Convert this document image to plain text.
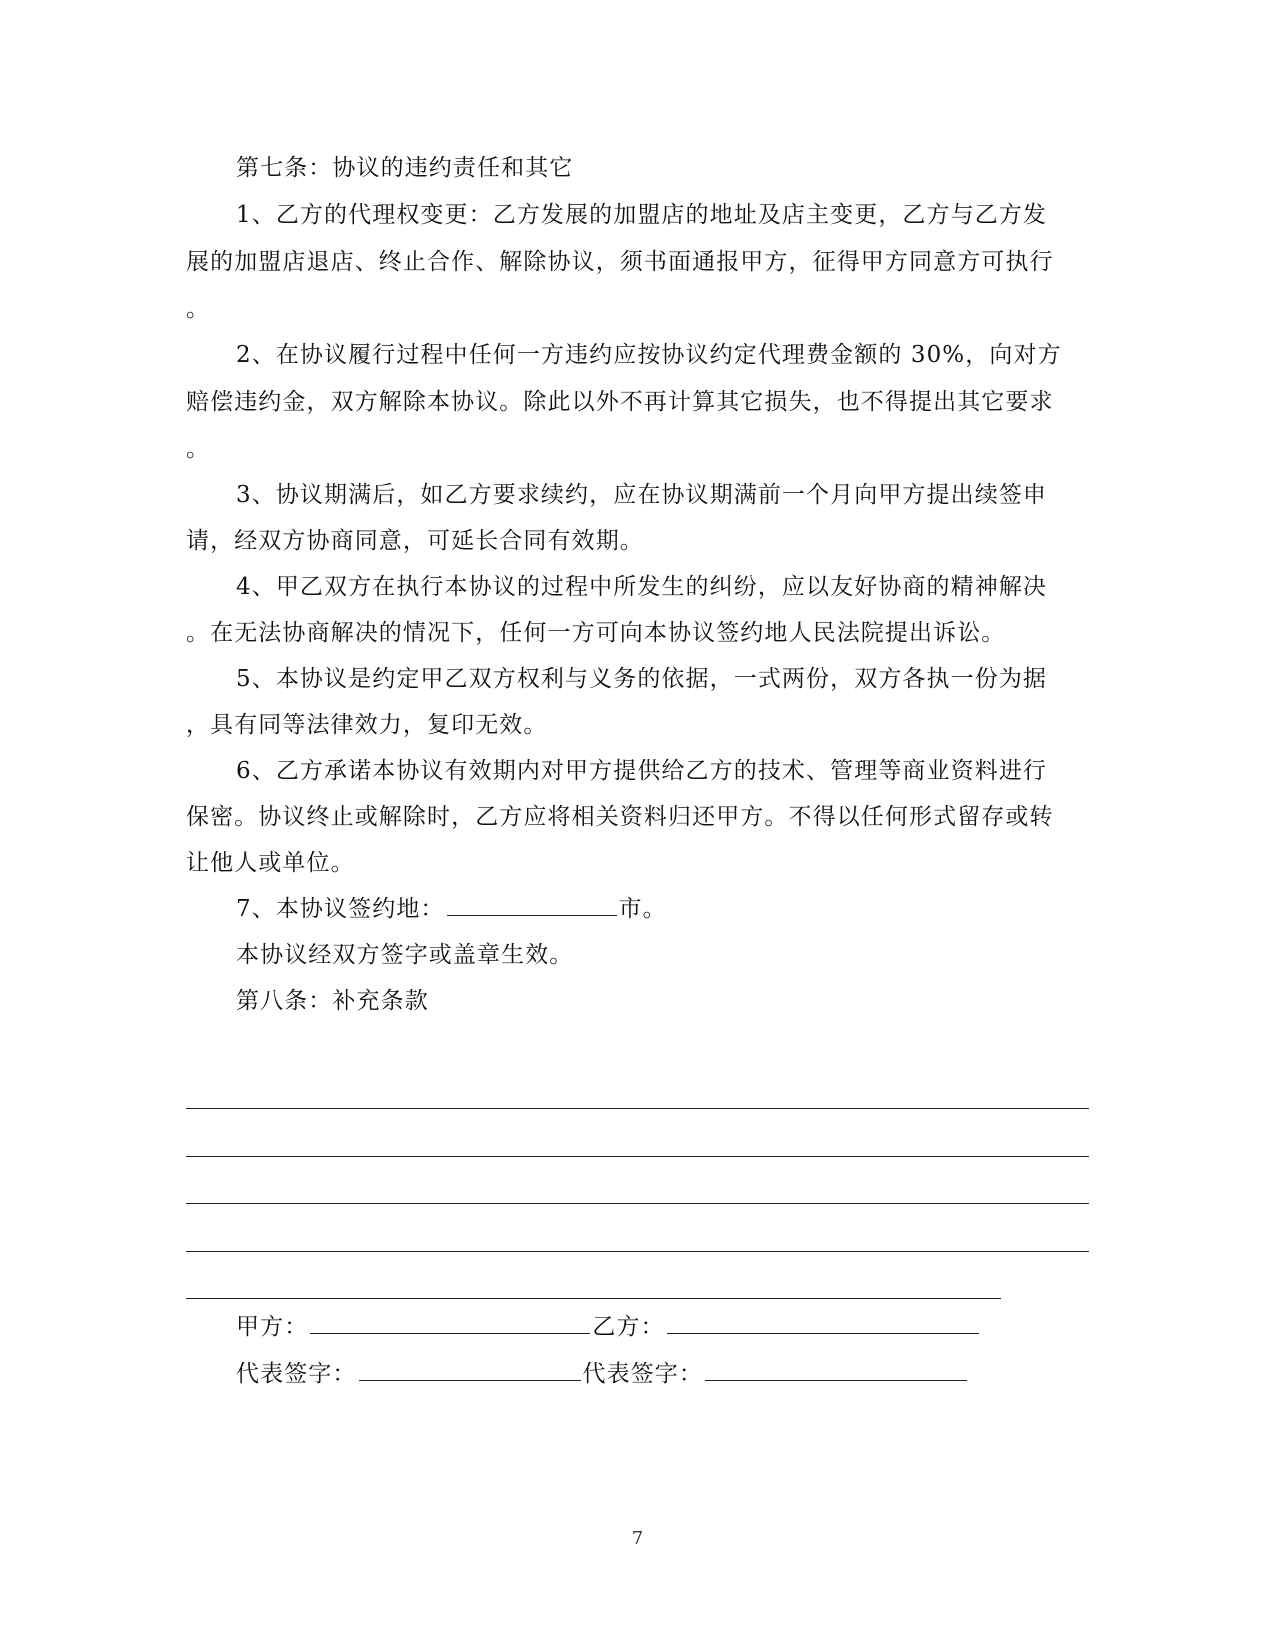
第七条：协议的违约责任和其它
1、乙方的代理权变更：乙方发展的加盟店的地址及店主变更，乙方与乙方发
展的加盟店退店、终止合作、解除协议，须书面通报甲方，征得甲方同意方可执行
。
2、在协议履行过程中任何一方违约应按协议约定代理费金额的 30%，向对方
赔偿违约金，双方解除本协议。除此以外不再计算其它损失，也不得提出其它要求
。
3、协议期满后，如乙方要求续约，应在协议期满前一个月向甲方提出续签申
请，经双方协商同意，可延长合同有效期。
4、甲乙双方在执行本协议的过程中所发生的纠纷，应以友好协商的精神解决
。在无法协商解决的情况下，任何一方可向本协议签约地人民法院提出诉讼。
5、本协议是约定甲乙双方权利与义务的依据，一式两份，双方各执一份为据
，具有同等法律效力，复印无效。
6、乙方承诺本协议有效期内对甲方提供给乙方的技术、管理等商业资料进行
保密。协议终止或解除时，乙方应将相关资料归还甲方。不得以任何形式留存或转
让他人或单位。
7、本协议签约地：	市。
本协议经双方签字或盖章生效。
第八条：补充条款
甲方：	乙方：
代表签字：	代表签字：
7
